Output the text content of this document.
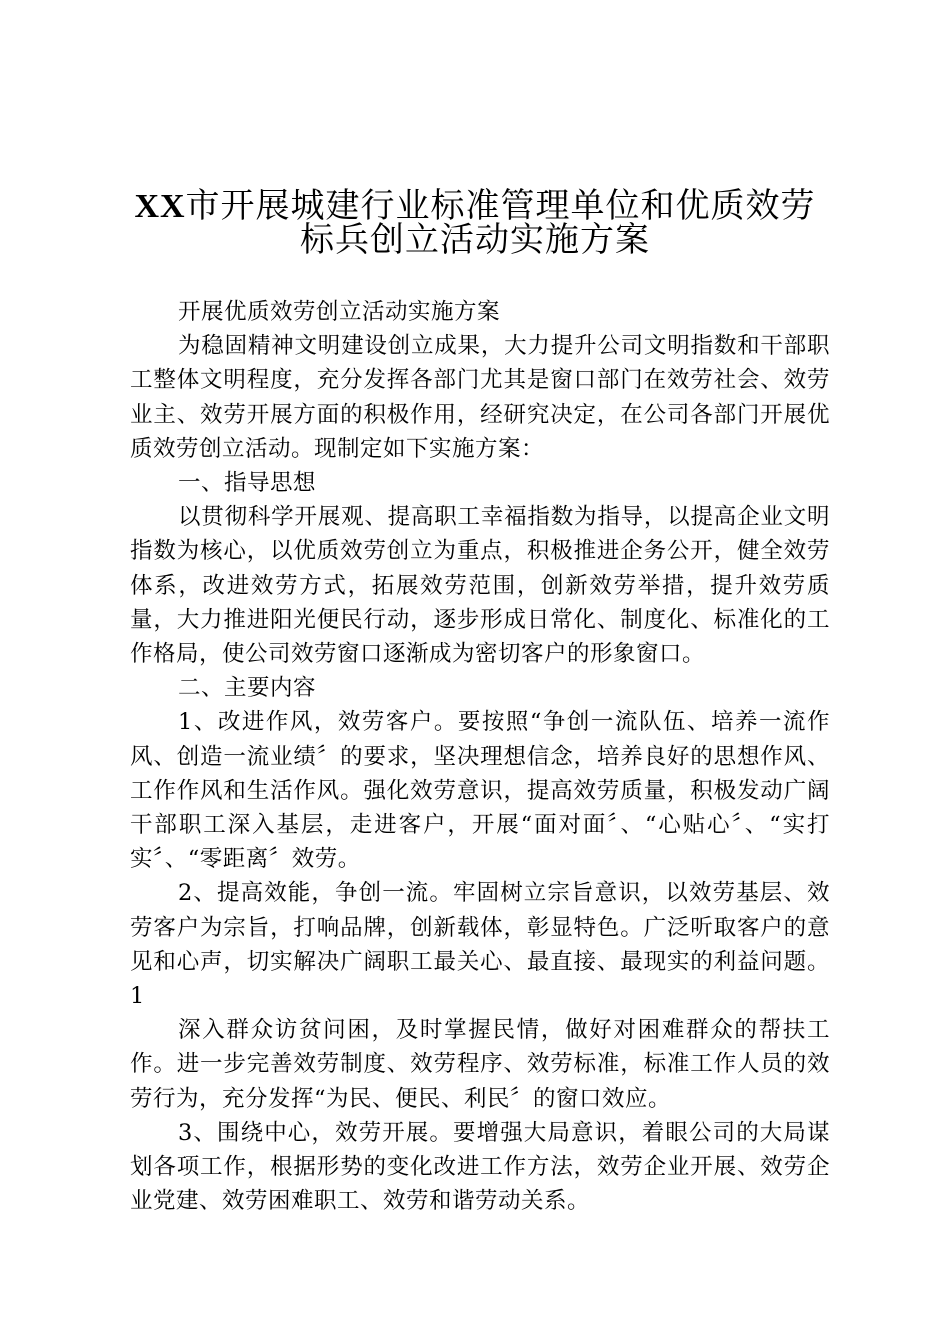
XX市开展城建行业标准管理单位和优质效劳
标兵创立活动实施方案

开展优质效劳创立活动实施方案

为稳固精神文明建设创立成果，大力提升公司文明指数和干部职工整体文明程度，充分发挥各部门尤其是窗口部门在效劳社会、效劳业主、效劳开展方面的积极作用，经研究决定，在公司各部门开展优质效劳创立活动。现制定如下实施方案：

一、指导思想

以贯彻科学开展观、提高职工幸福指数为指导，以提高企业文明指数为核心，以优质效劳创立为重点，积极推进企务公开，健全效劳体系，改进效劳方式，拓展效劳范围，创新效劳举措，提升效劳质量，大力推进阳光便民行动，逐步形成日常化、制度化、标准化的工作格局，使公司效劳窗口逐渐成为密切客户的形象窗口。

二、主要内容

1、改进作风，效劳客户。要按照“争创一流队伍、培养一流作风、创造一流业绩〞的要求，坚决理想信念，培养良好的思想作风、工作作风和生活作风。强化效劳意识，提高效劳质量，积极发动广阔干部职工深入基层，走进客户，开展“面对面〞、“心贴心〞、“实打实〞、“零距离〞效劳。

2、提高效能，争创一流。牢固树立宗旨意识，以效劳基层、效劳客户为宗旨，打响品牌，创新载体，彰显特色。广泛听取客户的意见和心声，切实解决广阔职工最关心、最直接、最现实的利益问题。1

深入群众访贫问困，及时掌握民情，做好对困难群众的帮扶工作。进一步完善效劳制度、效劳程序、效劳标准，标准工作人员的效劳行为，充分发挥“为民、便民、利民〞的窗口效应。

3、围绕中心，效劳开展。要增强大局意识，着眼公司的大局谋划各项工作，根据形势的变化改进工作方法，效劳企业开展、效劳企业党建、效劳困难职工、效劳和谐劳动关系。
